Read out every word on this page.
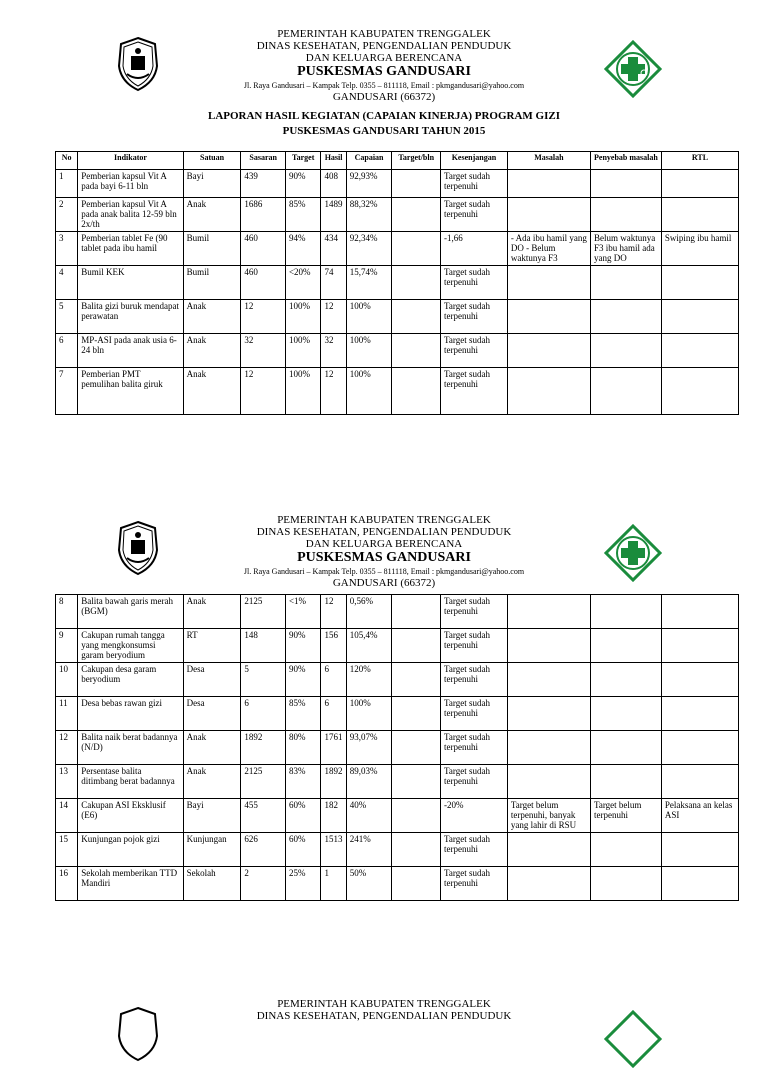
PEMERINTAH KABUPATEN TRENGGALEK
DINAS KESEHATAN, PENGENDALIAN PENDUDUK
DAN KELUARGA BERENCANA
PUSKESMAS GANDUSARI
Jl. Raya Gandusari – Kampak Telp. 0355 – 811118, Email : pkmgandusari@yahoo.com
GANDUSARI (66372)
LAPORAN HASIL KEGIATAN (CAPAIAN KINERJA) PROGRAM GIZI
PUSKESMAS GANDUSARI TAHUN 2015
No	Indikator	Satuan	Sasaran	Target	Hasil	Capaian	Target/bln	Kesenjangan	Masalah	Penyebab masalah	RTL
1	Pemberian kapsul Vit A pada bayi 6-11 bln	Bayi	439	90%	408	92,93%		Target sudah terpenuhi			
2	Pemberian kapsul Vit A pada anak balita 12-59 bln 2x/th	Anak	1686	85%	1489	88,32%		Target sudah terpenuhi			
3	Pemberian tablet Fe (90 tablet pada ibu hamil	Bumil	460	94%	434	92,34%		-1,66	- Ada ibu hamil yang DO - Belum waktunya F3	Belum waktunya F3 ibu hamil ada yang DO	Swiping ibu hamil
4	Bumil KEK	Bumil	460	<20%	74	15,74%		Target sudah terpenuhi			
5	Balita gizi buruk mendapat perawatan	Anak	12	100%	12	100%		Target sudah terpenuhi			
6	MP-ASI pada anak usia 6-24 bln	Anak	32	100%	32	100%		Target sudah terpenuhi			
7	Pemberian PMT pemulihan balita giruk	Anak	12	100%	12	100%		Target sudah terpenuhi			
PEMERINTAH KABUPATEN TRENGGALEK
DINAS KESEHATAN, PENGENDALIAN PENDUDUK
DAN KELUARGA BERENCANA
PUSKESMAS GANDUSARI
Jl. Raya Gandusari – Kampak Telp. 0355 – 811118, Email : pkmgandusari@yahoo.com
GANDUSARI (66372)
8	Balita bawah garis merah (BGM)	Anak	2125	<1%	12	0,56%		Target sudah terpenuhi			
9	Cakupan rumah tangga yang mengkonsumsi garam beryodium	RT	148	90%	156	105,4%		Target sudah terpenuhi			
10	Cakupan desa garam beryodium	Desa	5	90%	6	120%		Target sudah terpenuhi			
11	Desa bebas rawan gizi	Desa	6	85%	6	100%		Target sudah terpenuhi			
12	Balita naik berat badannya (N/D)	Anak	1892	80%	1761	93,07%		Target sudah terpenuhi			
13	Persentase balita ditimbang berat badannya	Anak	2125	83%	1892	89,03%		Target sudah terpenuhi			
14	Cakupan ASI Eksklusif (E6)	Bayi	455	60%	182	40%		-20%	Target belum terpenuhi, banyak yang lahir di RSU	Target belum terpenuhi	Pelaksana an kelas ASI
15	Kunjungan pojok gizi	Kunjungan	626	60%	1513	241%		Target sudah terpenuhi			
16	Sekolah memberikan TTD Mandiri	Sekolah	2	25%	1	50%		Target sudah terpenuhi			
PEMERINTAH KABUPATEN TRENGGALEK
DINAS KESEHATAN, PENGENDALIAN PENDUDUK
